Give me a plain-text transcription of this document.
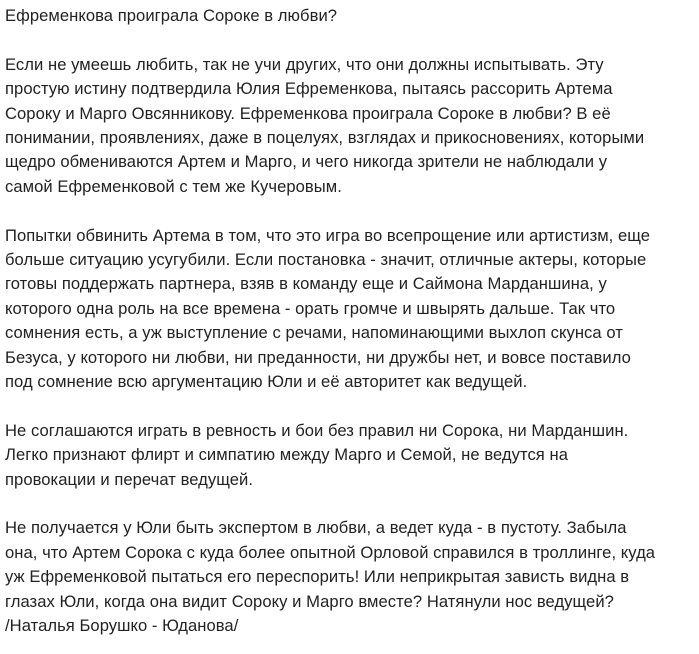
Ефременкова проиграла Сороке в любви?
Если не умеешь любить, так не учи других, что они должны испытывать. Эту
простую истину подтвердила Юлия Ефременкова, пытаясь рассорить Артема
Сороку и Марго Овсянникову. Ефременкова проиграла Сороке в любви? В её
понимании, проявлениях, даже в поцелуях, взглядах и прикосновениях, которыми
щедро обмениваются Артем и Марго, и чего никогда зрители не наблюдали у
самой Ефременковой с тем же Кучеровым.
Попытки обвинить Артема в том, что это игра во всепрощение или артистизм, еще
больше ситуацию усугубили. Если постановка - значит, отличные актеры, которые
готовы поддержать партнера, взяв в команду еще и Саймона Марданшина, у
которого одна роль на все времена - орать громче и швырять дальше. Так что
сомнения есть, а уж выступление с речами, напоминающими выхлоп скунса от
Безуса, у которого ни любви, ни преданности, ни дружбы нет, и вовсе поставило
под сомнение всю аргументацию Юли и её авторитет как ведущей.
Не соглашаются играть в ревность и бои без правил ни Сорока, ни Марданшин.
Легко признают флирт и симпатию между Марго и Семой, не ведутся на
провокации и перечат ведущей.
Не получается у Юли быть экспертом в любви, а ведет куда - в пустоту. Забыла
она, что Артем Сорока с куда более опытной Орловой справился в троллинге, куда
уж Ефременковой пытаться его переспорить! Или неприкрытая зависть видна в
глазах Юли, когда она видит Сороку и Марго вместе? Натянули нос ведущей?
/Наталья Борушко - Юданова/
